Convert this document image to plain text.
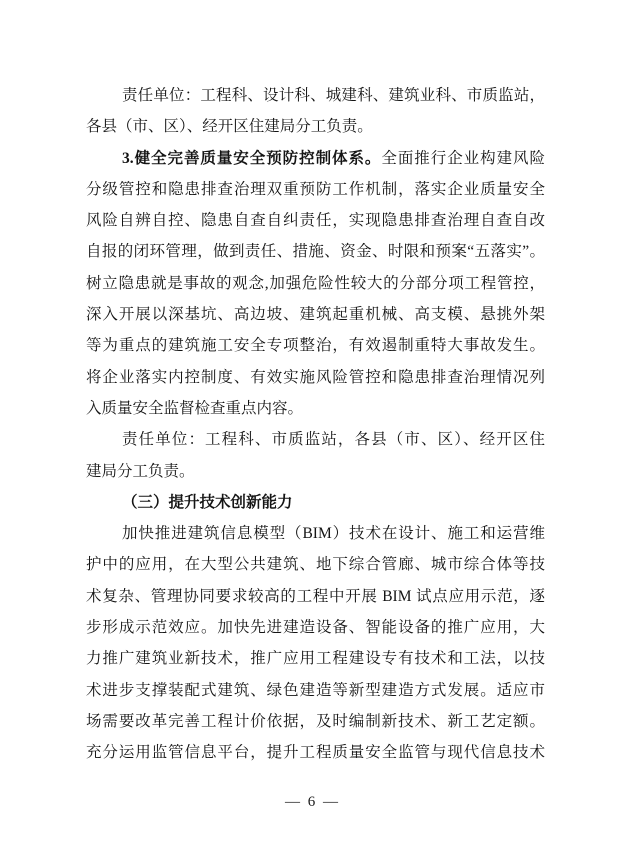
责任单位：工程科、设计科、城建科、建筑业科、市质监站，
各县（市、区）、经开区住建局分工负责。
3.健全完善质量安全预防控制体系。全面推行企业构建风险
分级管控和隐患排查治理双重预防工作机制，落实企业质量安全
风险自辨自控、隐患自查自纠责任，实现隐患排查治理自查自改
自报的闭环管理，做到责任、措施、资金、时限和预案“五落实”。
树立隐患就是事故的观念,加强危险性较大的分部分项工程管控，
深入开展以深基坑、高边坡、建筑起重机械、高支模、悬挑外架
等为重点的建筑施工安全专项整治，有效遏制重特大事故发生。
将企业落实内控制度、有效实施风险管控和隐患排查治理情况列
入质量安全监督检查重点内容。
责任单位：工程科、市质监站，各县（市、区）、经开区住
建局分工负责。
（三）提升技术创新能力
加快推进建筑信息模型（BIM）技术在设计、施工和运营维
护中的应用，在大型公共建筑、地下综合管廊、城市综合体等技
术复杂、管理协同要求较高的工程中开展 BIM 试点应用示范，逐
步形成示范效应。加快先进建造设备、智能设备的推广应用，大
力推广建筑业新技术，推广应用工程建设专有技术和工法，以技
术进步支撑装配式建筑、绿色建造等新型建造方式发展。适应市
场需要改革完善工程计价依据，及时编制新技术、新工艺定额。
充分运用监管信息平台，提升工程质量安全监管与现代信息技术
— 6 —
